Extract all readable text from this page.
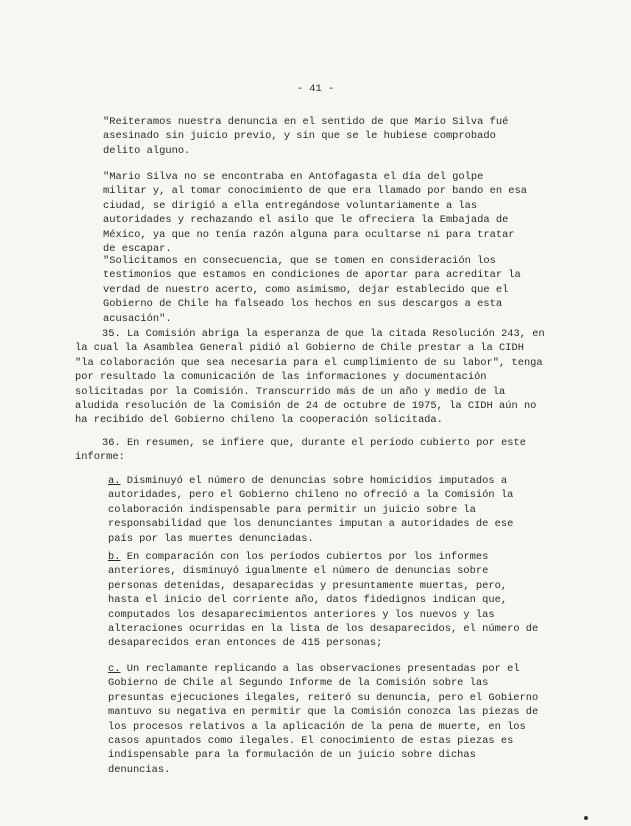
- 41 -

"Reiteramos nuestra denuncia en el sentido de que Mario Silva fué asesinado sin juicio previo, y sin que se le hubiese comprobado delito alguno.

"Mario Silva no se encontraba en Antofagasta el día del golpe militar y, al tomar conocimiento de que era llamado por bando en esa ciudad, se dirigió a ella entregándose voluntariamente a las autoridades y rechazando el asilo que le ofreciera la Embajada de México, ya que no tenía razón alguna para ocultarse ni para tratar de escapar.

"Solicitamos en consecuencia, que se tomen en consideración los testimonios que estamos en condiciones de aportar para acreditar la verdad de nuestro acerto, como asimismo, dejar establecido que el Gobierno de Chile ha falseado los hechos en sus descargos a esta acusación".

35. La Comisión abriga la esperanza de que la citada Resolución 243, en la cual la Asamblea General pidió al Gobierno de Chile prestar a la CIDH "la colaboración que sea necesaria para el cumplimiento de su labor", tenga por resultado la comunicación de las informaciones y documentación solicitadas por la Comisión. Transcurrido más de un año y medio de la aludida resolución de la Comisión de 24 de octubre de 1975, la CIDH aún no ha recibido del Gobierno chileno la cooperación solicitada.

36. En resumen, se infiere que, durante el período cubierto por este informe:

a. Disminuyó el número de denuncias sobre homicidios imputados a autoridades, pero el Gobierno chileno no ofreció a la Comisión la colaboración indispensable para permitir un juicio sobre la responsabilidad que los denunciantes imputan a autoridades de ese país por las muertes denunciadas.

b. En comparación con los períodos cubiertos por los informes anteriores, disminuyó igualmente el número de denuncias sobre personas detenidas, desaparecidas y presuntamente muertas, pero, hasta el inicio del corriente año, datos fidedignos indican que, computados los desaparecimientos anteriores y los nuevos y las alteraciones ocurridas en la lista de los desaparecidos, el número de desaparecidos eran entonces de 415 personas;

c. Un reclamante replicando a las observaciones presentadas por el Gobierno de Chile al Segundo Informe de la Comisión sobre las presuntas ejecuciones ilegales, reiteró su denuncia, pero el Gobierno mantuvo su negativa en permitir que la Comisión conozca las piezas de los procesos relativos a la aplicación de la pena de muerte, en los casos apuntados como ilegales. El conocimiento de estas piezas es indispensable para la formulación de un juicio sobre dichas denuncias.
